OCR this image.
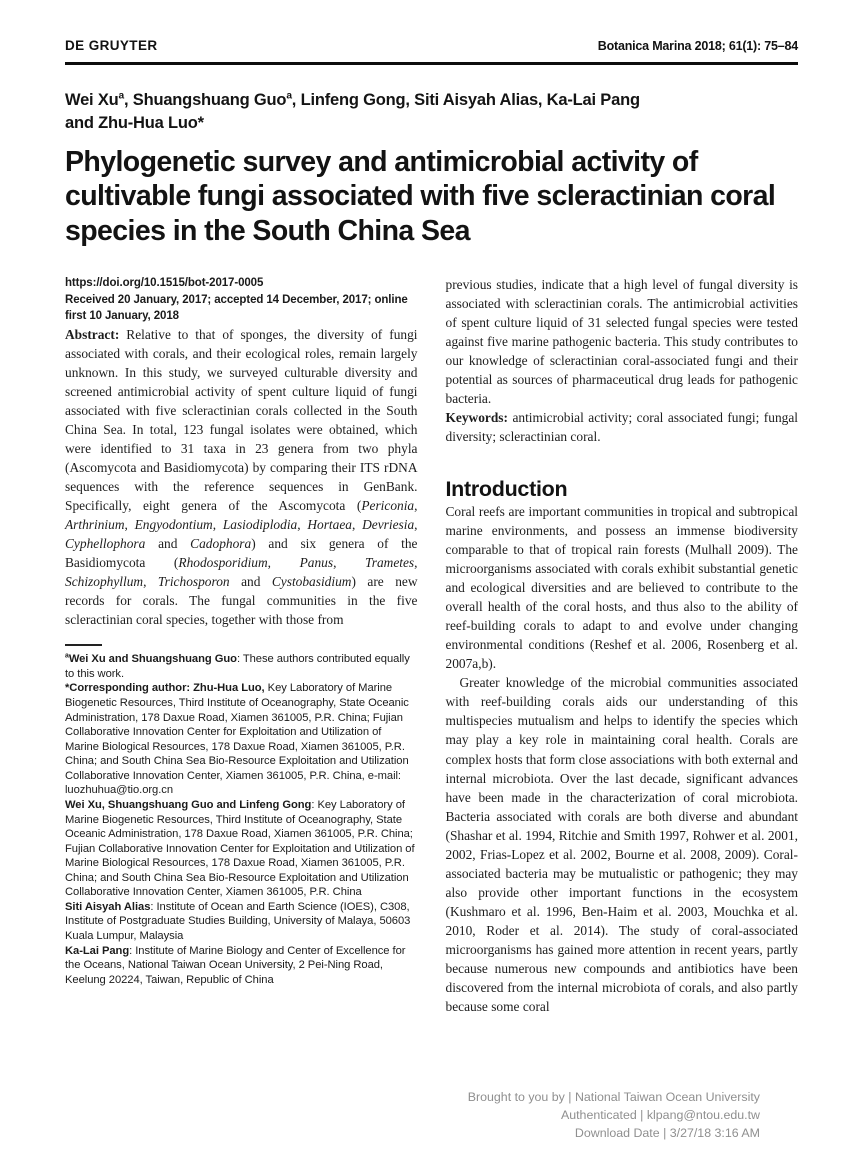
DE GRUYTER	Botanica Marina 2018; 61(1): 75–84
Wei Xu$^a$, Shuangshuang Guo$^a$, Linfeng Gong, Siti Aisyah Alias, Ka-Lai Pang
and Zhu-Hua Luo*
Phylogenetic survey and antimicrobial activity of cultivable fungi associated with five scleractinian coral species in the South China Sea
https://doi.org/10.1515/bot-2017-0005
Received 20 January, 2017; accepted 14 December, 2017; online first 10 January, 2018

Abstract: Relative to that of sponges, the diversity of fungi associated with corals, and their ecological roles, remain largely unknown. In this study, we surveyed culturable diversity and screened antimicrobial activity of spent culture liquid of fungi associated with five scleractinian corals collected in the South China Sea. In total, 123 fungal isolates were obtained, which were identified to 31 taxa in 23 genera from two phyla (Ascomycota and Basidiomycota) by comparing their ITS rDNA sequences with the reference sequences in GenBank. Specifically, eight genera of the Ascomycota (Periconia, Arthrinium, Engyodontium, Lasiodiplodia, Hortaea, Devriesia, Cyphellophora and Cadophora) and six genera of the Basidiomycota (Rhodosporidium, Panus, Trametes, Schizophyllum, Trichosporon and Cystobasidium) are new records for corals. The fungal communities in the five scleractinian coral species, together with those from

$^a$Wei Xu and Shuangshuang Guo: These authors contributed equally to this work.

*Corresponding author: Zhu-Hua Luo, Key Laboratory of Marine Biogenetic Resources, Third Institute of Oceanography, State Oceanic Administration, 178 Daxue Road, Xiamen 361005, P.R. China; Fujian Collaborative Innovation Center for Exploitation and Utilization of Marine Biological Resources, 178 Daxue Road, Xiamen 361005, P.R. China; and South China Sea Bio-Resource Exploitation and Utilization Collaborative Innovation Center, Xiamen 361005, P.R. China, e-mail: luozhuhua@tio.org.cn

Wei Xu, Shuangshuang Guo and Linfeng Gong: Key Laboratory of Marine Biogenetic Resources, Third Institute of Oceanography, State Oceanic Administration, 178 Daxue Road, Xiamen 361005, P.R. China; Fujian Collaborative Innovation Center for Exploitation and Utilization of Marine Biological Resources, 178 Daxue Road, Xiamen 361005, P.R. China; and South China Sea Bio-Resource Exploitation and Utilization Collaborative Innovation Center, Xiamen 361005, P.R. China

Siti Aisyah Alias: Institute of Ocean and Earth Science (IOES), C308, Institute of Postgraduate Studies Building, University of Malaya, 50603 Kuala Lumpur, Malaysia

Ka-Lai Pang: Institute of Marine Biology and Center of Excellence for the Oceans, National Taiwan Ocean University, 2 Pei-Ning Road, Keelung 20224, Taiwan, Republic of China

previous studies, indicate that a high level of fungal diversity is associated with scleractinian corals. The antimicrobial activities of spent culture liquid of 31 selected fungal species were tested against five marine pathogenic bacteria. This study contributes to our knowledge of scleractinian coral-associated fungi and their potential as sources of pharmaceutical drug leads for pathogenic bacteria.

Keywords: antimicrobial activity; coral associated fungi; fungal diversity; scleractinian coral.

Introduction

Coral reefs are important communities in tropical and subtropical marine environments, and possess an immense biodiversity comparable to that of tropical rain forests (Mulhall 2009). The microorganisms associated with corals exhibit substantial genetic and ecological diversities and are believed to contribute to the overall health of the coral hosts, and thus also to the ability of reef-building corals to adapt to and evolve under changing environmental conditions (Reshef et al. 2006, Rosenberg et al. 2007a,b).

Greater knowledge of the microbial communities associated with reef-building corals aids our understanding of this multispecies mutualism and helps to identify the species which may play a key role in maintaining coral health. Corals are complex hosts that form close associations with both external and internal microbiota. Over the last decade, significant advances have been made in the characterization of coral microbiota. Bacteria associated with corals are both diverse and abundant (Shashar et al. 1994, Ritchie and Smith 1997, Rohwer et al. 2001, 2002, Frias-Lopez et al. 2002, Bourne et al. 2008, 2009). Coral-associated bacteria may be mutualistic or pathogenic; they may also provide other important functions in the ecosystem (Kushmaro et al. 1996, Ben-Haim et al. 2003, Mouchka et al. 2010, Roder et al. 2014). The study of coral-associated microorganisms has gained more attention in recent years, partly because numerous new compounds and antibiotics have been discovered from the internal microbiota of corals, and also partly because some coral

Brought to you by | National Taiwan Ocean University
Authenticated | klpang@ntou.edu.tw
Download Date | 3/27/18 3:16 AM
